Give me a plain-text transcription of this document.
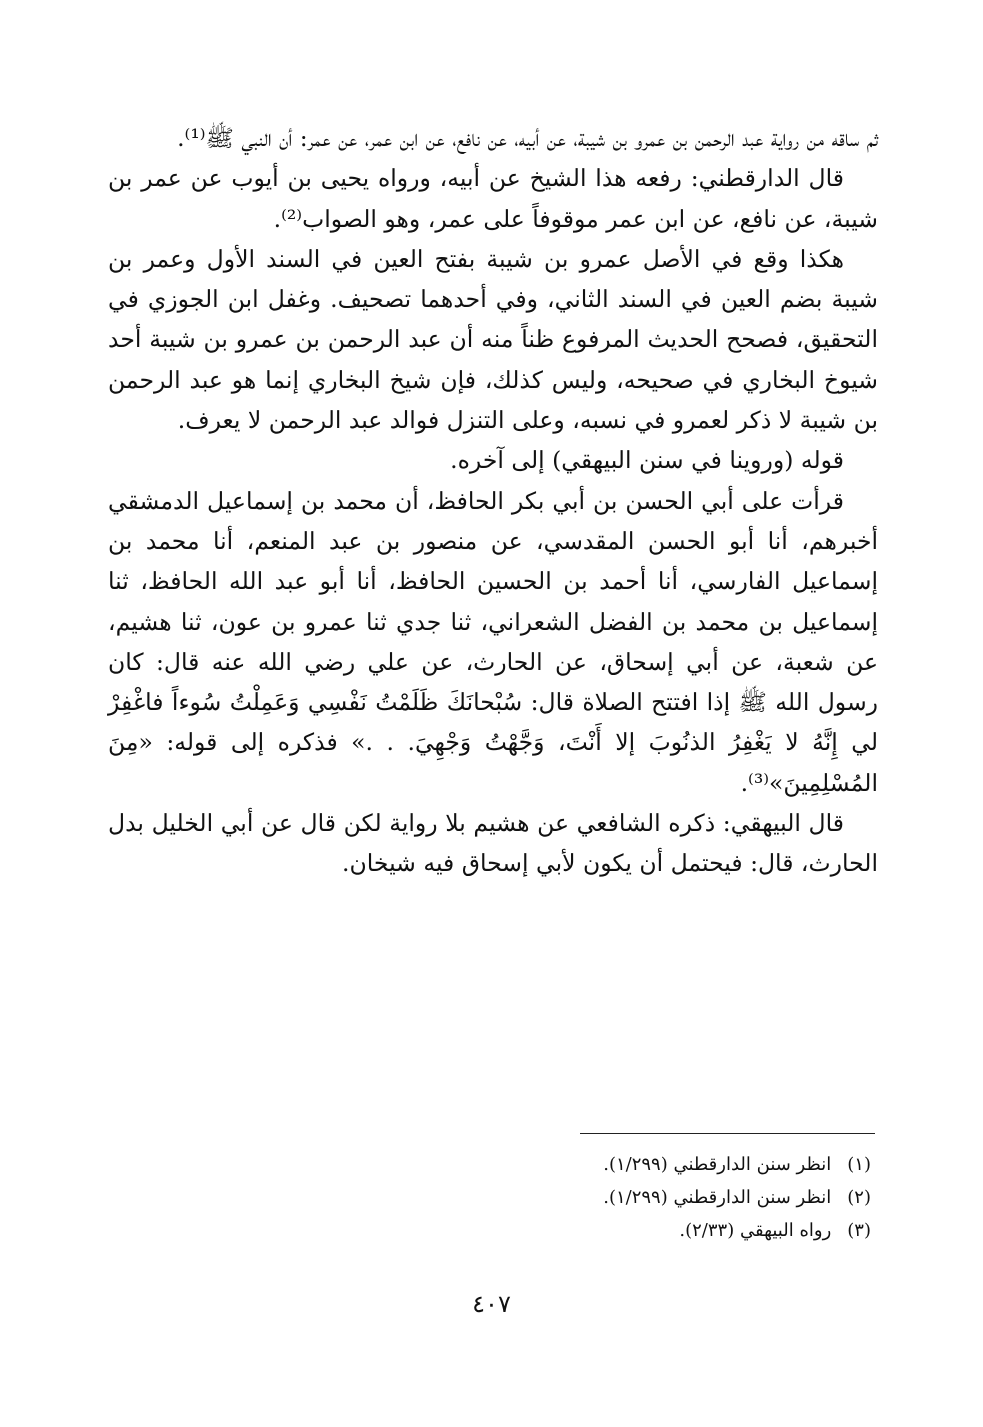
ثم ساقه من رواية عبد الرحمن بن عمرو بن شيبة، عن أبيه، عن نافع، عن ابن عمر، عن عمر: أن النبي ﷺ⁽¹⁾.

قال الدارقطني: رفعه هذا الشيخ عن أبيه، ورواه يحيى بن أيوب عن عمر بن شيبة، عن نافع، عن ابن عمر موقوفاً على عمر، وهو الصواب⁽²⁾.

هكذا وقع في الأصل عمرو بن شيبة بفتح العين في السند الأول وعمر بن شيبة بضم العين في السند الثاني، وفي أحدهما تصحيف. وغفل ابن الجوزي في التحقيق، فصحح الحديث المرفوع ظناً منه أن عبد الرحمن بن عمرو بن شيبة أحد شيوخ البخاري في صحيحه، وليس كذلك، فإن شيخ البخاري إنما هو عبد الرحمن بن شيبة لا ذكر لعمرو في نسبه، وعلى التنزل فوالد عبد الرحمن لا يعرف.

قوله (وروينا في سنن البيهقي) إلى آخره.

قرأت على أبي الحسن بن أبي بكر الحافظ، أن محمد بن إسماعيل الدمشقي أخبرهم، أنا أبو الحسن المقدسي، عن منصور بن عبد المنعم، أنا محمد بن إسماعيل الفارسي، أنا أحمد بن الحسين الحافظ، أنا أبو عبد الله الحافظ، ثنا إسماعيل بن محمد بن الفضل الشعراني، ثنا جدي ثنا عمرو بن عون، ثنا هشيم، عن شعبة، عن أبي إسحاق، عن الحارث، عن علي رضي الله عنه قال: كان رسول الله ﷺ إذا افتتح الصلاة قال: سُبْحانَكَ ظَلَمْتُ نَفْسِي وَعَمِلْتُ سُوءاً فاغْفِرْ لي إِنَّهُ لا يَغْفِرُ الذنُوبَ إلا أَنْتَ، وَجَّهْتُ وَجْهِيَ. . .» فذكره إلى قوله: «مِنَ المُسْلِمِينَ»⁽³⁾.

قال البيهقي: ذكره الشافعي عن هشيم بلا رواية لكن قال عن أبي الخليل بدل الحارث، قال: فيحتمل أن يكون لأبي إسحاق فيه شيخان.

(١) انظر سنن الدارقطني (١/٢٩٩).

(٢) انظر سنن الدارقطني (١/٢٩٩).

(٣) رواه البيهقي (٢/٣٣).

٤٠٧
